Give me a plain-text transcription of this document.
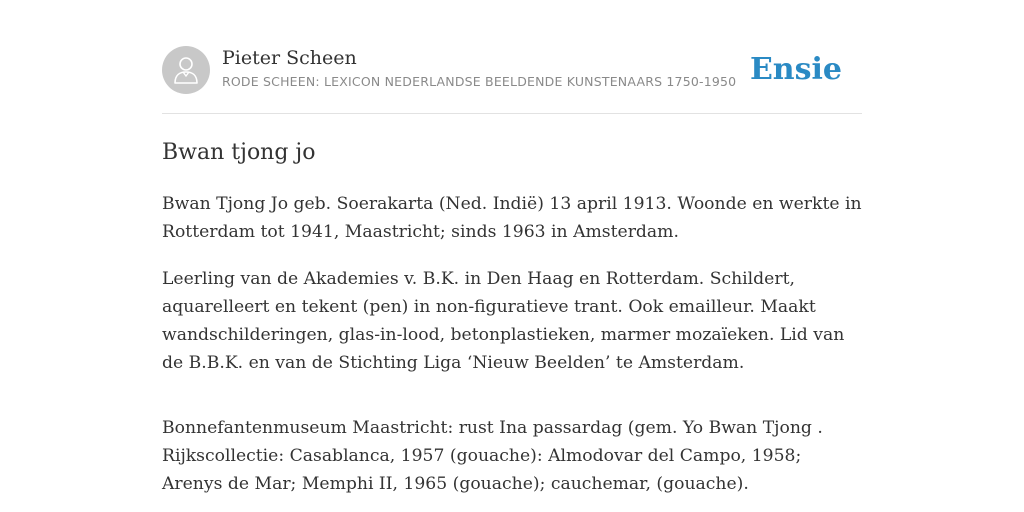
Pieter Scheen
RODE SCHEEN: LEXICON NEDERLANDSE BEELDENDE KUNSTENAARS 1750-1950 Ensie
Bwan tjong jo

Bwan Tjong Jo geb. Soerakarta (Ned. Indië) 13 april 1913. Woonde en werkte in Rotterdam tot 1941, Maastricht; sinds 1963 in Amsterdam.

Leerling van de Akademies v. B.K. in Den Haag en Rotterdam. Schildert, aquarelleert en tekent (pen) in non-figuratieve trant. Ook emailleur. Maakt wandschilderingen, glas-in-lood, betonplastieken, marmer mozaïeken. Lid van de B.B.K. en van de Stichting Liga ‘Nieuw Beelden’ te Amsterdam.

Bonnefantenmuseum Maastricht: rust Ina passardag (gem. Yo Bwan Tjong . Rijkscollectie: Casablanca, 1957 (gouache): Almodovar del Campo, 1958; Arenys de Mar; Memphi II, 1965 (gouache); cauchemar, (gouache).
